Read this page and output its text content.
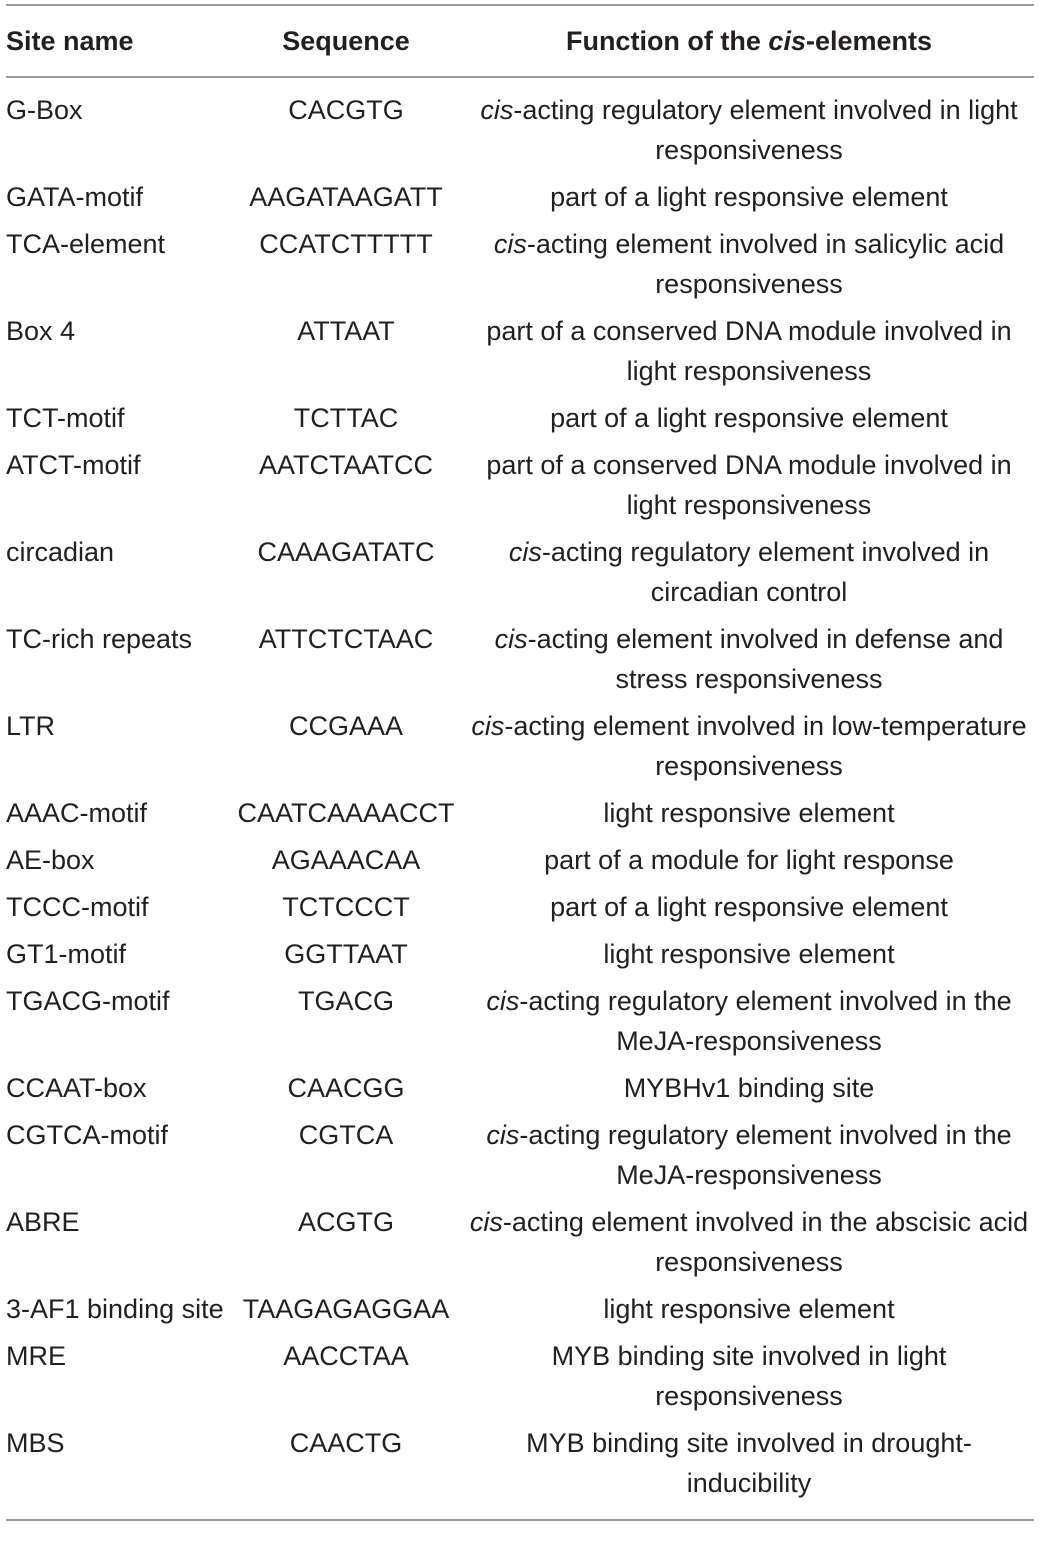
Site name	Sequence	Function of the cis-elements
G-Box	CACGTG	cis-acting regulatory element involved in light responsiveness
GATA-motif	AAGATAAGATT	part of a light responsive element
TCA-element	CCATCTTTTT	cis-acting element involved in salicylic acid responsiveness
Box 4	ATTAAT	part of a conserved DNA module involved in light responsiveness
TCT-motif	TCTTAC	part of a light responsive element
ATCT-motif	AATCTAATCC	part of a conserved DNA module involved in light responsiveness
circadian	CAAAGATATC	cis-acting regulatory element involved in circadian control
TC-rich repeats	ATTCTCTAAC	cis-acting element involved in defense and stress responsiveness
LTR	CCGAAA	cis-acting element involved in low-temperature responsiveness
AAAC-motif	CAATCAAAACCT	light responsive element
AE-box	AGAAACAA	part of a module for light response
TCCC-motif	TCTCCCT	part of a light responsive element
GT1-motif	GGTTAAT	light responsive element
TGACG-motif	TGACG	cis-acting regulatory element involved in the MeJA-responsiveness
CCAAT-box	CAACGG	MYBHv1 binding site
CGTCA-motif	CGTCA	cis-acting regulatory element involved in the MeJA-responsiveness
ABRE	ACGTG	cis-acting element involved in the abscisic acid responsiveness
3-AF1 binding site	TAAGAGAGGAA	light responsive element
MRE	AACCTAA	MYB binding site involved in light responsiveness
MBS	CAACTG	MYB binding site involved in drought-inducibility
